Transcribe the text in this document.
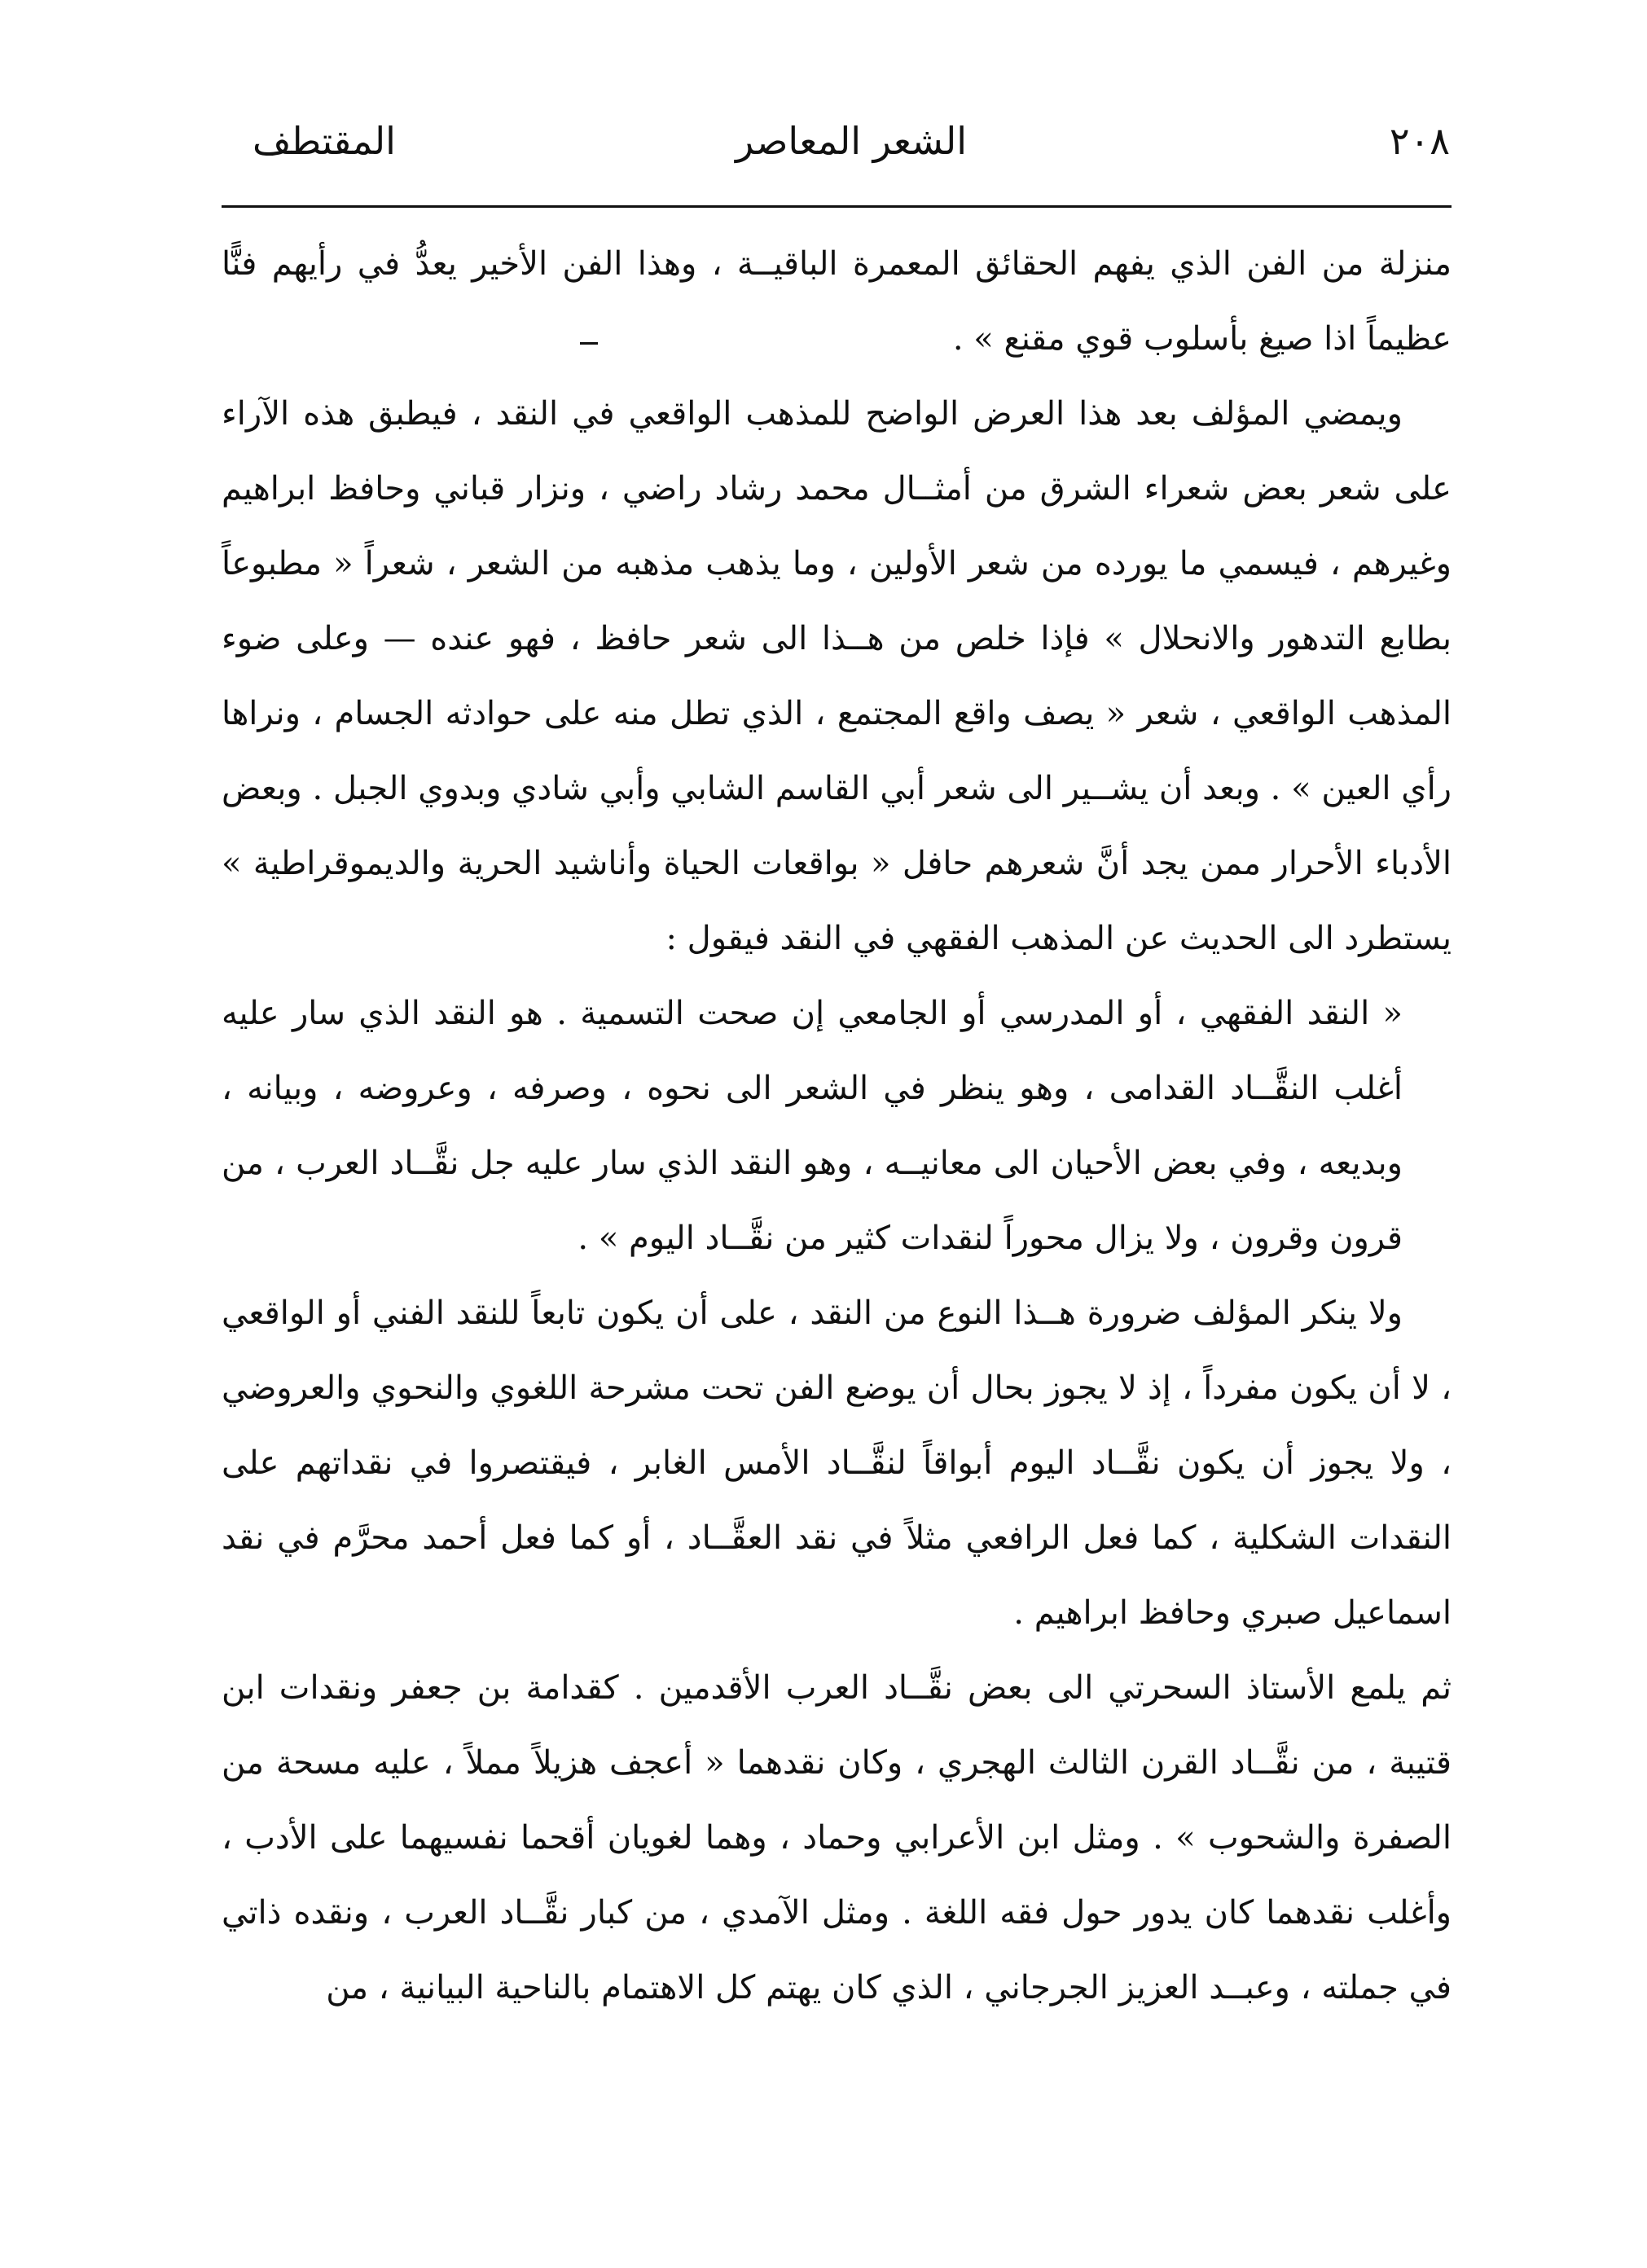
٢٠٨
الشعر المعاصر
المقتطف

منزلة من الفن الذي يفهم الحقائق المعمرة الباقيــة ، وهذا الفن الأخير يعدُّ في رأيهم فنًّا عظيماً اذا صيغ بأسلوب قوي مقنع » .

ويمضي المؤلف بعد هذا العرض الواضح للمذهب الواقعي في النقد ، فيطبق هذه الآراء على شعر بعض شعراء الشرق من أمثــال محمد رشاد راضي ، ونزار قباني وحافظ ابراهيم وغيرهم ، فيسمي ما يورده من شعر الأولين ، وما يذهب مذهبه من الشعر ، شعراً « مطبوعاً بطابع التدهور والانحلال » فإذا خلص من هــذا الى شعر حافظ ، فهو عنده — وعلى ضوء المذهب الواقعي ، شعر « يصف واقع المجتمع ، الذي تطل منه على حوادثه الجسام ، ونراها رأي العين » . وبعد أن يشــير الى شعر أبي القاسم الشابي وأبي شادي وبدوي الجبل . وبعض الأدباء الأحرار ممن يجد أنَّ شعرهم حافل « بواقعات الحياة وأناشيد الحرية والديموقراطية » يستطرد الى الحديث عن المذهب الفقهي في النقد فيقول :

« النقد الفقهي ، أو المدرسي أو الجامعي إن صحت التسمية . هو النقد الذي سار عليه أغلب النقَّــاد القدامى ، وهو ينظر في الشعر الى نحوه ، وصرفه ، وعروضه ، وبيانه ، وبديعه ، وفي بعض الأحيان الى معانيــه ، وهو النقد الذي سار عليه جل نقَّــاد العرب ، من قرون وقرون ، ولا يزال محوراً لنقدات كثير من نقَّــاد اليوم » .

ولا ينكر المؤلف ضرورة هــذا النوع من النقد ، على أن يكون تابعاً للنقد الفني أو الواقعي ، لا أن يكون مفرداً ، إذ لا يجوز بحال أن يوضع الفن تحت مشرحة اللغوي والنحوي والعروضي ، ولا يجوز أن يكون نقَّــاد اليوم أبواقاً لنقَّــاد الأمس الغابر ، فيقتصروا في نقداتهم على النقدات الشكلية ، كما فعل الرافعي مثلاً في نقد العقَّــاد ، أو كما فعل أحمد محرَّم في نقد اسماعيل صبري وحافظ ابراهيم .

ثم يلمع الأستاذ السحرتي الى بعض نقَّــاد العرب الأقدمين . كقدامة بن جعفر ونقدات ابن قتيبة ، من نقَّــاد القرن الثالث الهجري ، وكان نقدهما « أعجف هزيلاً مملاً ، عليه مسحة من الصفرة والشحوب » . ومثل ابن الأعرابي وحماد ، وهما لغويان أقحما نفسيهما على الأدب ، وأغلب نقدهما كان يدور حول فقه اللغة . ومثل الآمدي ، من كبار نقَّــاد العرب ، ونقده ذاتي في جملته ، وعبــد العزيز الجرجاني ، الذي كان يهتم كل الاهتمام بالناحية البيانية ، من
